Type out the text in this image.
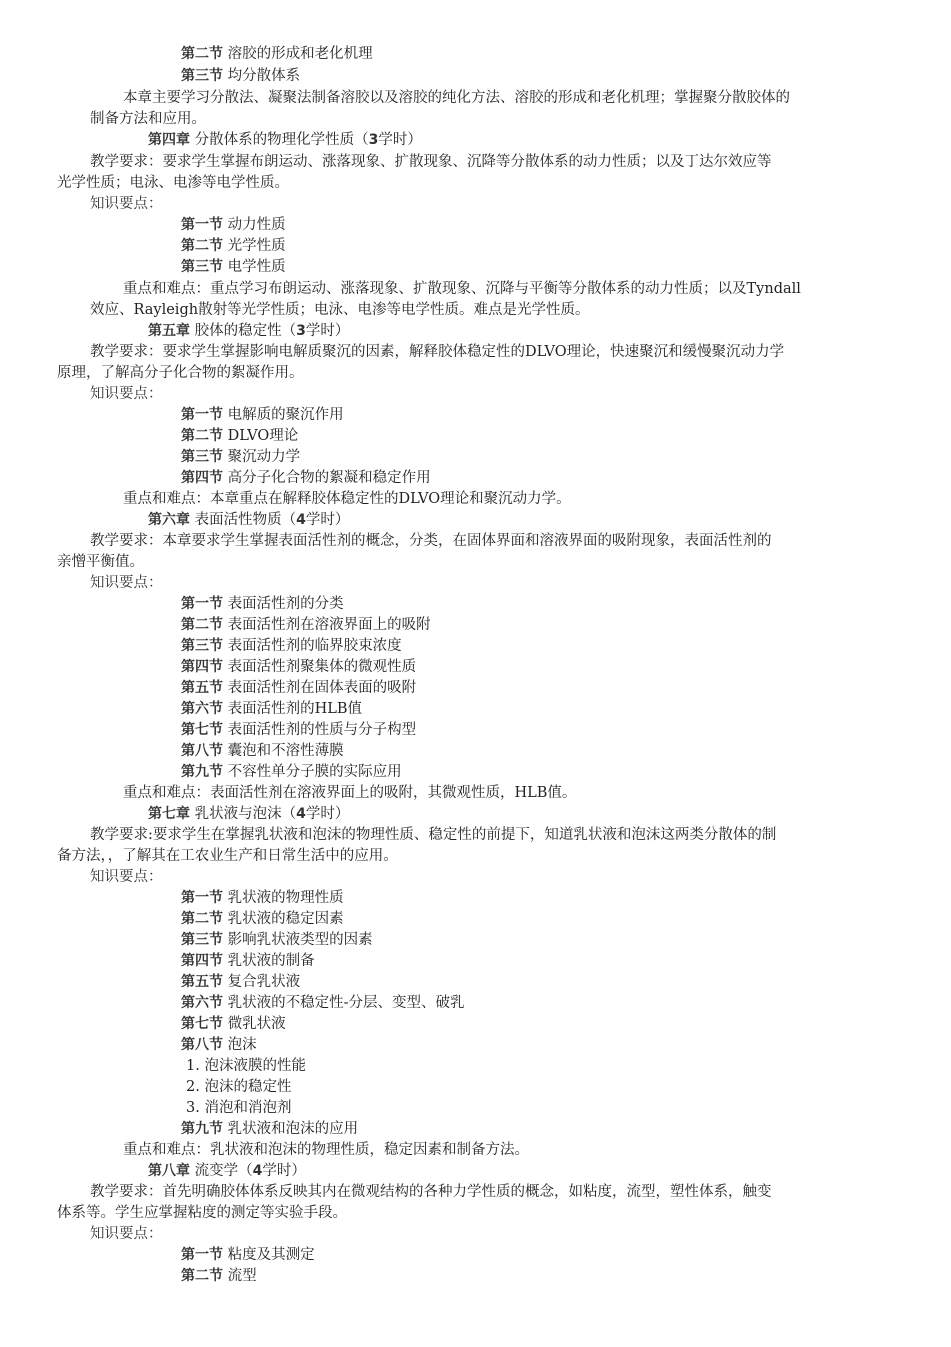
第二节 溶胶的形成和老化机理
第三节 均分散体系
本章主要学习分散法、凝聚法制备溶胶以及溶胶的纯化方法、溶胶的形成和老化机理；掌握聚分散胶体的
制备方法和应用。
第四章 分散体系的物理化学性质（3学时）
教学要求：要求学生掌握布朗运动、涨落现象、扩散现象、沉降等分散体系的动力性质；以及丁达尔效应等
光学性质；电泳、电渗等电学性质。
知识要点：
第一节 动力性质
第二节 光学性质
第三节 电学性质
重点和难点：重点学习布朗运动、涨落现象、扩散现象、沉降与平衡等分散体系的动力性质；以及Tyndall
效应、Rayleigh散射等光学性质；电泳、电渗等电学性质。难点是光学性质。
第五章 胶体的稳定性（3学时）
教学要求：要求学生掌握影响电解质聚沉的因素，解释胶体稳定性的DLVO理论，快速聚沉和缓慢聚沉动力学
原理，了解高分子化合物的絮凝作用。
知识要点：
第一节 电解质的聚沉作用
第二节 DLVO理论
第三节 聚沉动力学
第四节 高分子化合物的絮凝和稳定作用
重点和难点：本章重点在解释胶体稳定性的DLVO理论和聚沉动力学。
第六章 表面活性物质（4学时）
教学要求：本章要求学生掌握表面活性剂的概念，分类，在固体界面和溶液界面的吸附现象，表面活性剂的
亲憎平衡值。
知识要点：
第一节 表面活性剂的分类
第二节 表面活性剂在溶液界面上的吸附
第三节 表面活性剂的临界胶束浓度
第四节 表面活性剂聚集体的微观性质
第五节 表面活性剂在固体表面的吸附
第六节 表面活性剂的HLB值
第七节 表面活性剂的性质与分子构型
第八节 囊泡和不溶性薄膜
第九节 不容性单分子膜的实际应用
重点和难点：表面活性剂在溶液界面上的吸附，其微观性质，HLB值。
第七章 乳状液与泡沫（4学时）
教学要求:要求学生在掌握乳状液和泡沫的物理性质、稳定性的前提下，知道乳状液和泡沫这两类分散体的制
备方法，，了解其在工农业生产和日常生活中的应用。
知识要点：
第一节 乳状液的物理性质
第二节 乳状液的稳定因素
第三节 影响乳状液类型的因素
第四节 乳状液的制备
第五节 复合乳状液
第六节 乳状液的不稳定性-分层、变型、破乳
第七节 微乳状液
第八节 泡沫
1. 泡沫液膜的性能
2. 泡沫的稳定性
3. 消泡和消泡剂
第九节 乳状液和泡沫的应用
重点和难点：乳状液和泡沫的物理性质，稳定因素和制备方法。
第八章 流变学（4学时）
教学要求：首先明确胶体体系反映其内在微观结构的各种力学性质的概念，如粘度，流型，塑性体系，触变
体系等。学生应掌握粘度的测定等实验手段。
知识要点：
第一节 粘度及其测定
第二节 流型
